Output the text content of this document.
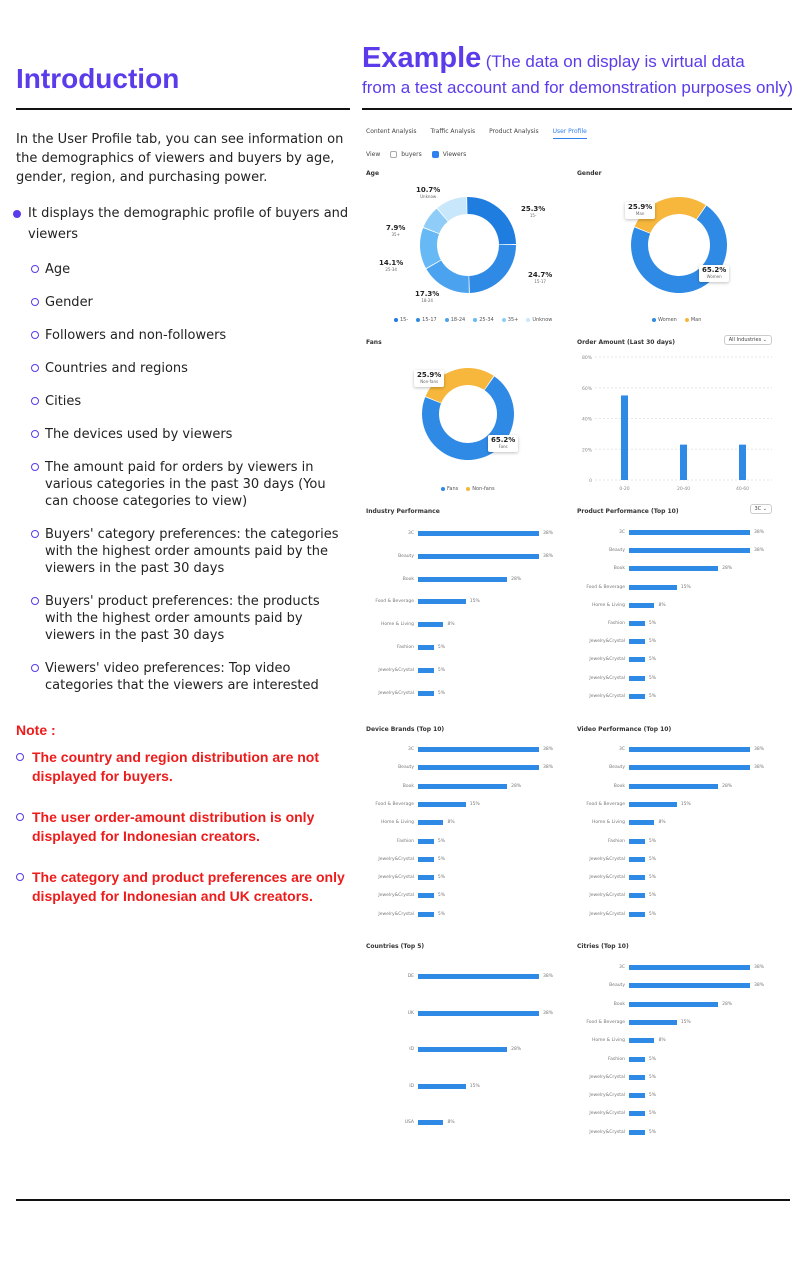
Introduction

In the User Profile tab, you can see information on the demographics of viewers and buyers by age, gender, region, and purchasing power.

It displays the demographic profile of buyers and viewers
Age
Gender
Followers and non-followers
Countries and regions
Cities
The devices used by viewers
The amount paid for orders by viewers in various categories in the past 30 days (You can choose categories to view)
Buyers' category preferences: the categories with the highest order amounts paid by the viewers in the past 30 days
Buyers' product preferences: the products with the highest order amounts paid by viewers in the past 30 days
Viewers' video preferences: Top video categories that the viewers are interested
Note :
The country and region distribution are not displayed for buyers.
The user order-amount distribution is only displayed for Indonesian creators.
The category and product preferences are only displayed for Indonesian and UK creators.
Example (The data on display is virtual data
from a test account and for demonstration purposes only)
Content Analysis Traffic Analysis Product Analysis User Profile
View	buyers	Viewers
Age
10.7%
Unknow
7.9%
35+
14.1%
25-34
17.3%
18-24
24.7%
15-17
25.3%
15-
15-	15-17	18-24	25-34	35+	Unknow
Gender
25.9%
Man
65.2%
Women
Women	Man
Fans
25.9%
Non-fans
65.2%
Fans
Fans	Non-fans
Order Amount (Last 30 days)	All Industries ⌄
0
20%
40%
60%
80%
0-20	20-40	40-60
Industry Performance
3C	38%
Beauty	38%
Book	28%
Food & Beverage	15%
Home & Living	8%
Fashion	5%
Jewelry&Crystal	5%
Jewelry&Crystal	5%
Product Performance (Top 10)	3C ⌄
3C	38%
Beauty	38%
Book	28%
Food & Beverage	15%
Home & Living	8%
Fashion	5%
Jewelry&Crystal	5%
Jewelry&Crystal	5%
Jewelry&Crystal	5%
Jewelry&Crystal	5%
Device Brands (Top 10)
3C	38%
Beauty	38%
Book	28%
Food & Beverage	15%
Home & Living	8%
Fashion	5%
Jewelry&Crystal	5%
Jewelry&Crystal	5%
Jewelry&Crystal	5%
Jewelry&Crystal	5%
Video Performance (Top 10)
3C	38%
Beauty	38%
Book	28%
Food & Beverage	15%
Home & Living	8%
Fashion	5%
Jewelry&Crystal	5%
Jewelry&Crystal	5%
Jewelry&Crystal	5%
Jewelry&Crystal	5%
Countries (Top 5)
DE	38%
UK	38%
ID	28%
ID	15%
USA	8%
Citries (Top 10)
3C	38%
Beauty	38%
Book	28%
Food & Beverage	15%
Home & Living	8%
Fashion	5%
Jewelry&Crystal	5%
Jewelry&Crystal	5%
Jewelry&Crystal	5%
Jewelry&Crystal	5%
